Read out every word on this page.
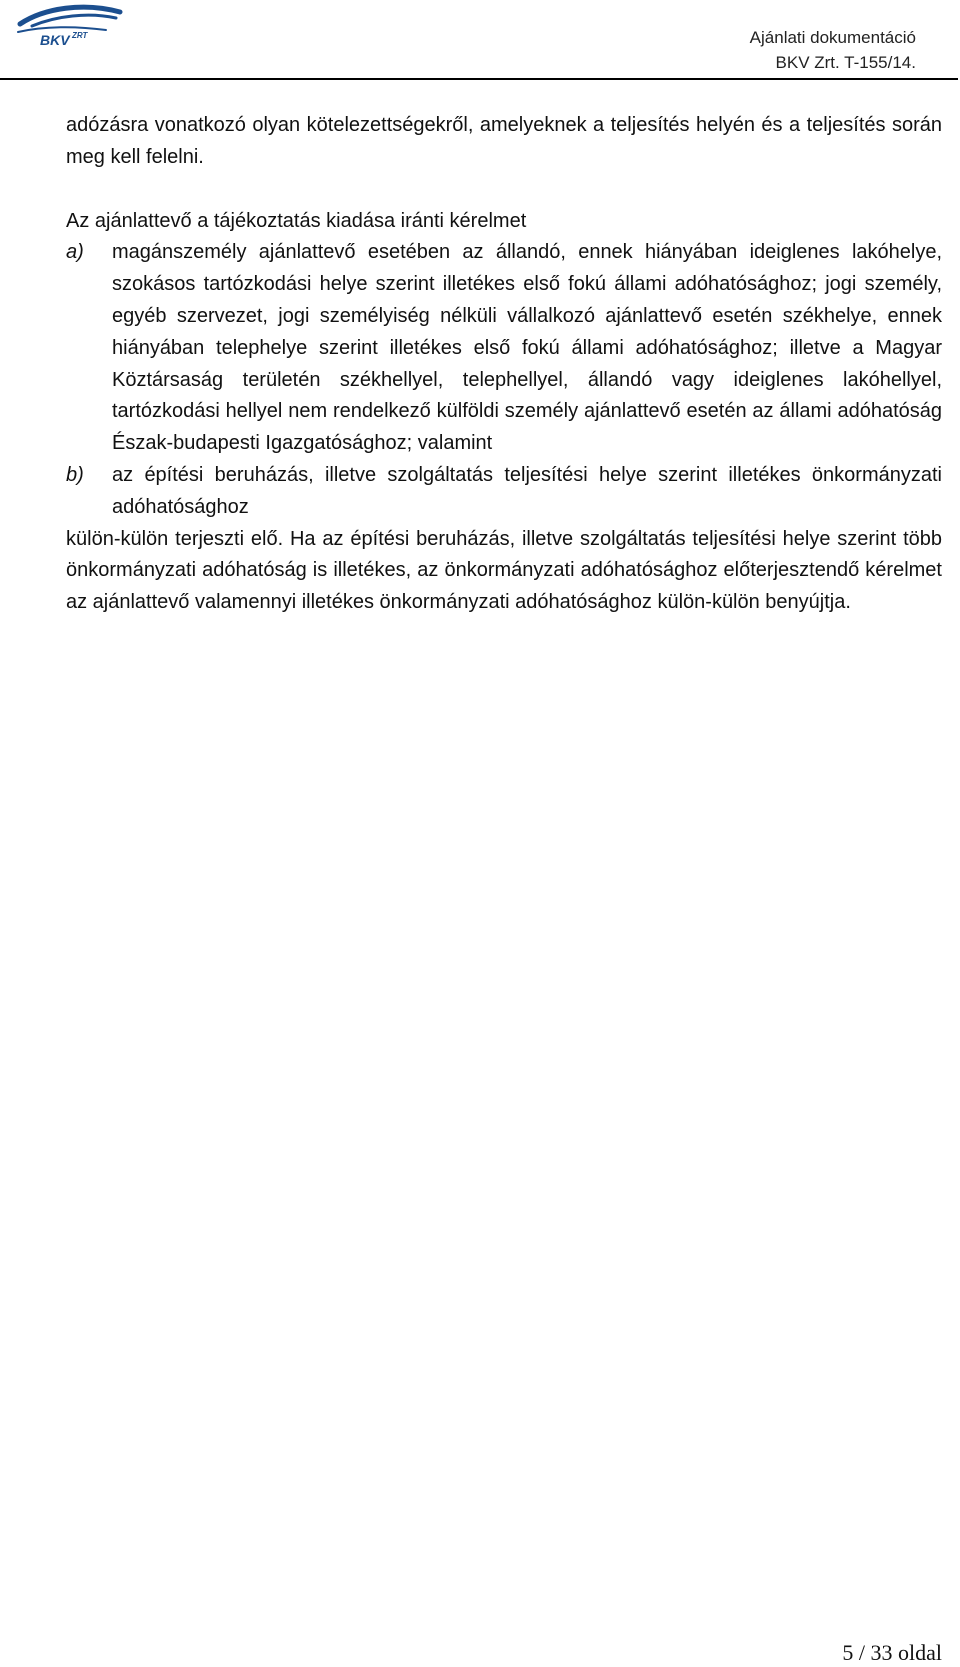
BKV ZRT	Ajánlati dokumentáció
BKV Zrt. T-155/14.

adózásra vonatkozó olyan kötelezettségekről, amelyeknek a teljesítés helyén és a teljesítés során meg kell felelni.

Az ajánlattevő a tájékoztatás kiadása iránti kérelmet

a)	magánszemély ajánlattevő esetében az állandó, ennek hiányában ideiglenes lakóhelye, szokásos tartózkodási helye szerint illetékes első fokú állami adóhatósághoz; jogi személy, egyéb szervezet, jogi személyiség nélküli vállalkozó ajánlattevő esetén székhelye, ennek hiányában telephelye szerint illetékes első fokú állami adóhatósághoz; illetve a Magyar Köztársaság területén székhellyel, telephellyel, állandó vagy ideiglenes lakóhellyel, tartózkodási hellyel nem rendelkező külföldi személy ajánlattevő esetén az állami adóhatóság Észak-budapesti Igazgatósághoz; valamint
b)	az építési beruházás, illetve szolgáltatás teljesítési helye szerint illetékes önkormányzati adóhatósághoz

külön-külön terjeszti elő. Ha az építési beruházás, illetve szolgáltatás teljesítési helye szerint több önkormányzati adóhatóság is illetékes, az önkormányzati adóhatósághoz előterjesztendő kérelmet az ajánlattevő valamennyi illetékes önkormányzati adóhatósághoz külön-külön benyújtja.

5 / 33 oldal
